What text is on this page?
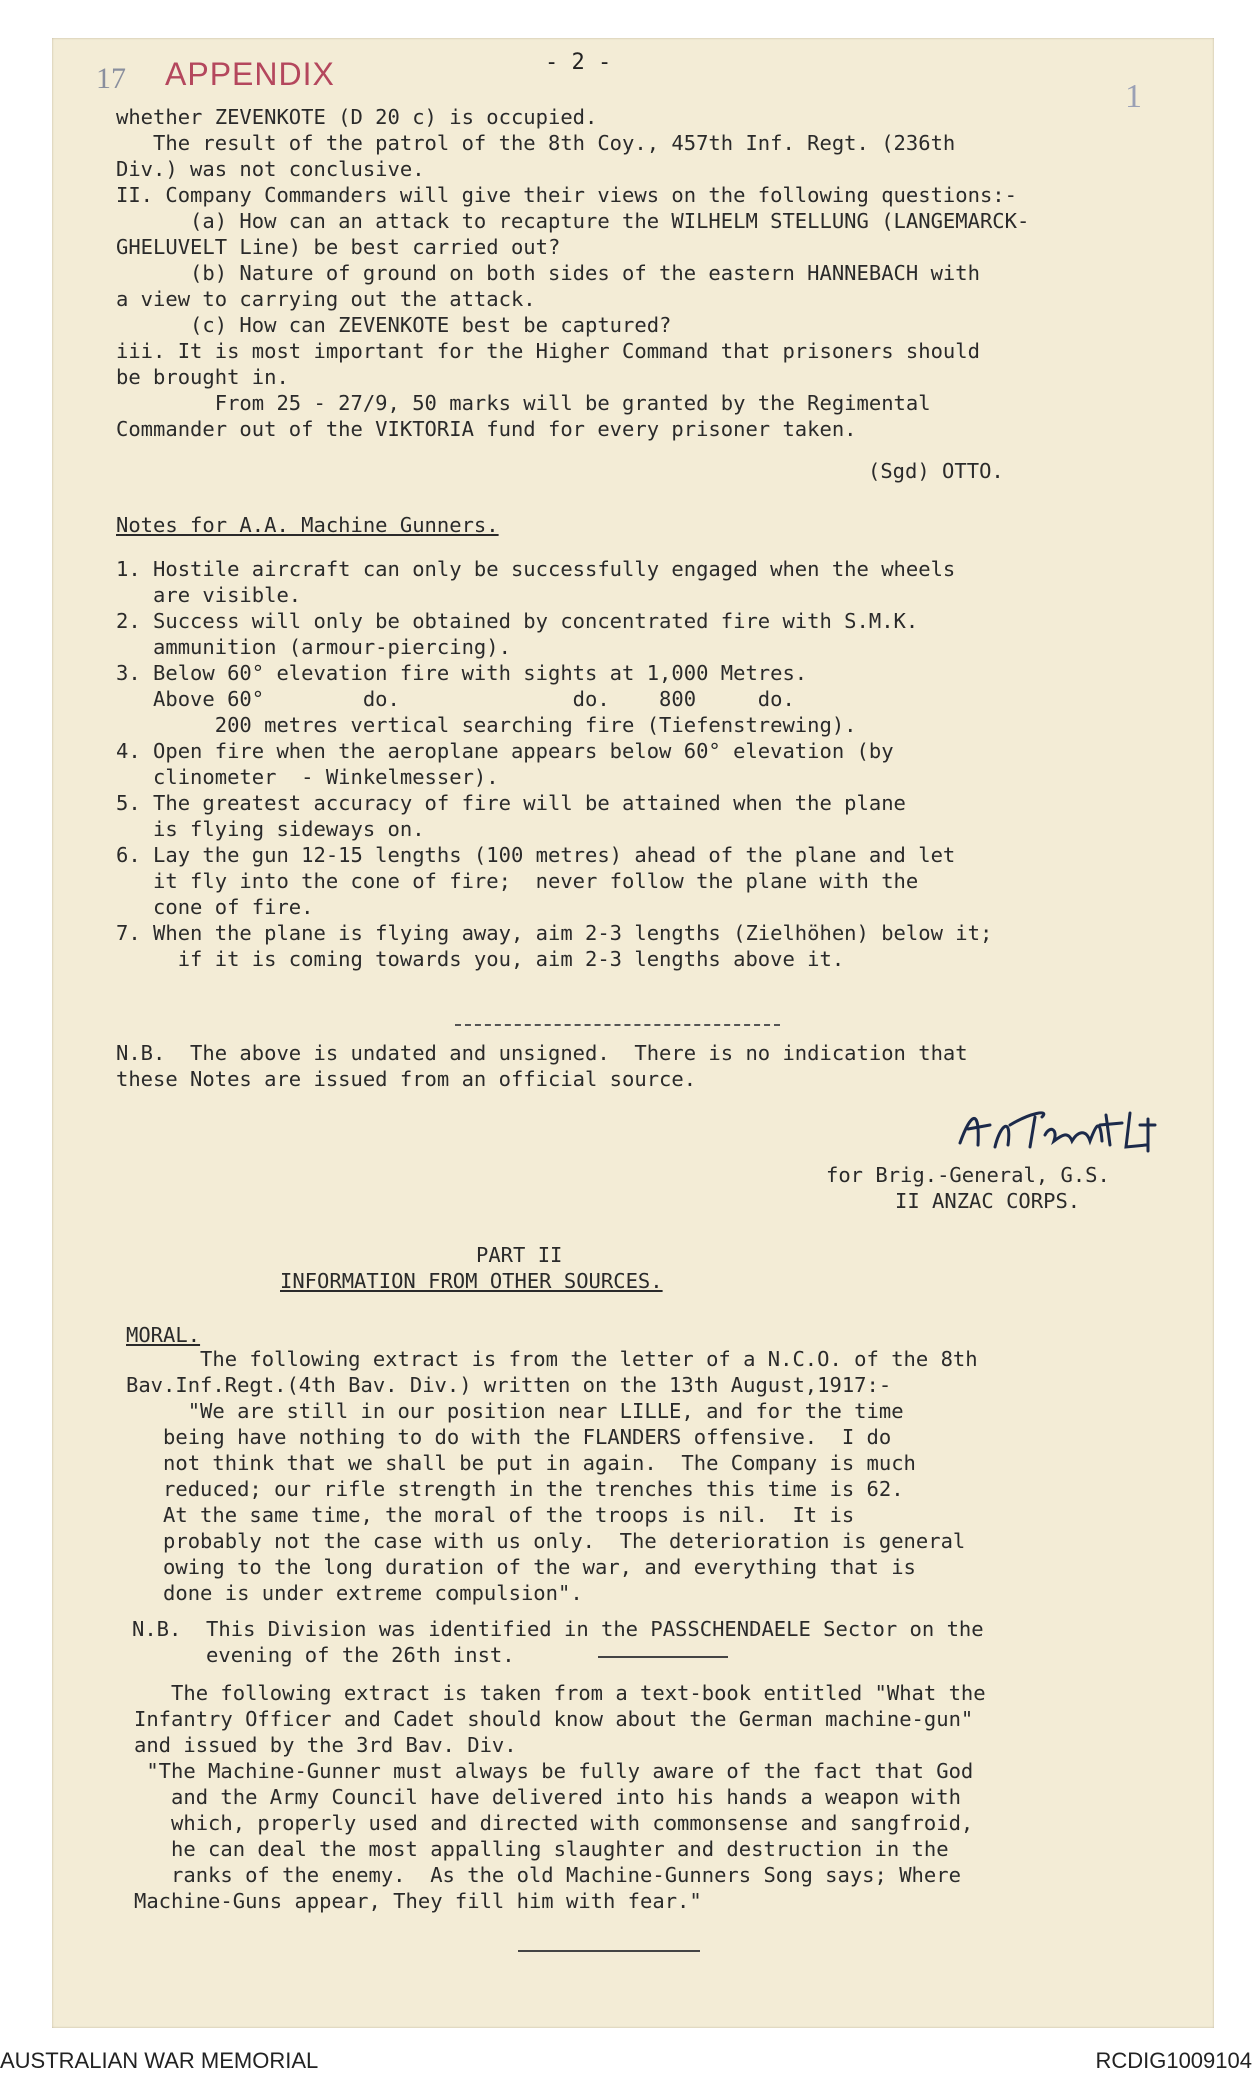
17 APPENDIX
1
- 2 -
whether ZEVENKOTE (D 20 c) is occupied.
The result of the patrol of the 8th Coy., 457th Inf. Regt. (236th
Div.) was not conclusive.
II. Company Commanders will give their views on the following questions:-
(a) How can an attack to recapture the WILHELM STELLUNG (LANGEMARCK-
GHELUVELT Line) be best carried out?
(b) Nature of ground on both sides of the eastern HANNEBACH with
a view to carrying out the attack.
(c) How can ZEVENKOTE best be captured?
iii. It is most important for the Higher Command that prisoners should
be brought in.
From 25 - 27/9, 50 marks will be granted by the Regimental
Commander out of the VIKTORIA fund for every prisoner taken.
(Sgd) OTTO.
Notes for A.A. Machine Gunners.
1. Hostile aircraft can only be successfully engaged when the wheels
are visible.
2. Success will only be obtained by concentrated fire with S.M.K.
ammunition (armour-piercing).
3. Below 60° elevation fire with sights at 1,000 Metres.
Above 60°        do.              do.    800     do.
200 metres vertical searching fire (Tiefenstrewing).
4. Open fire when the aeroplane appears below 60° elevation (by
clinometer  - Winkelmesser).
5. The greatest accuracy of fire will be attained when the plane
is flying sideways on.
6. Lay the gun 12-15 lengths (100 metres) ahead of the plane and let
it fly into the cone of fire;  never follow the plane with the
cone of fire.
7. When the plane is flying away, aim 2-3 lengths (Zielhöhen) below it;
if it is coming towards you, aim 2-3 lengths above it.
N.B.  The above is undated and unsigned.  There is no indication that
these Notes are issued from an official source.
for Brig.-General, G.S.
II ANZAC CORPS.
PART II
INFORMATION FROM OTHER SOURCES.
MORAL.
The following extract is from the letter of a N.C.O. of the 8th
Bav.Inf.Regt.(4th Bav. Div.) written on the 13th August,1917:-
"We are still in our position near LILLE, and for the time
being have nothing to do with the FLANDERS offensive.  I do
not think that we shall be put in again.  The Company is much
reduced; our rifle strength in the trenches this time is 62.
At the same time, the moral of the troops is nil.  It is
probably not the case with us only.  The deterioration is general
owing to the long duration of the war, and everything that is
done is under extreme compulsion".
N.B.  This Division was identified in the PASSCHENDAELE Sector on the
evening of the 26th inst.
The following extract is taken from a text-book entitled "What the
Infantry Officer and Cadet should know about the German machine-gun"
and issued by the 3rd Bav. Div.
"The Machine-Gunner must always be fully aware of the fact that God
and the Army Council have delivered into his hands a weapon with
which, properly used and directed with commonsense and sangfroid,
he can deal the most appalling slaughter and destruction in the
ranks of the enemy.  As the old Machine-Gunners Song says; Where
Machine-Guns appear, They fill him with fear."
AUSTRALIAN WAR MEMORIAL	RCDIG1009104
